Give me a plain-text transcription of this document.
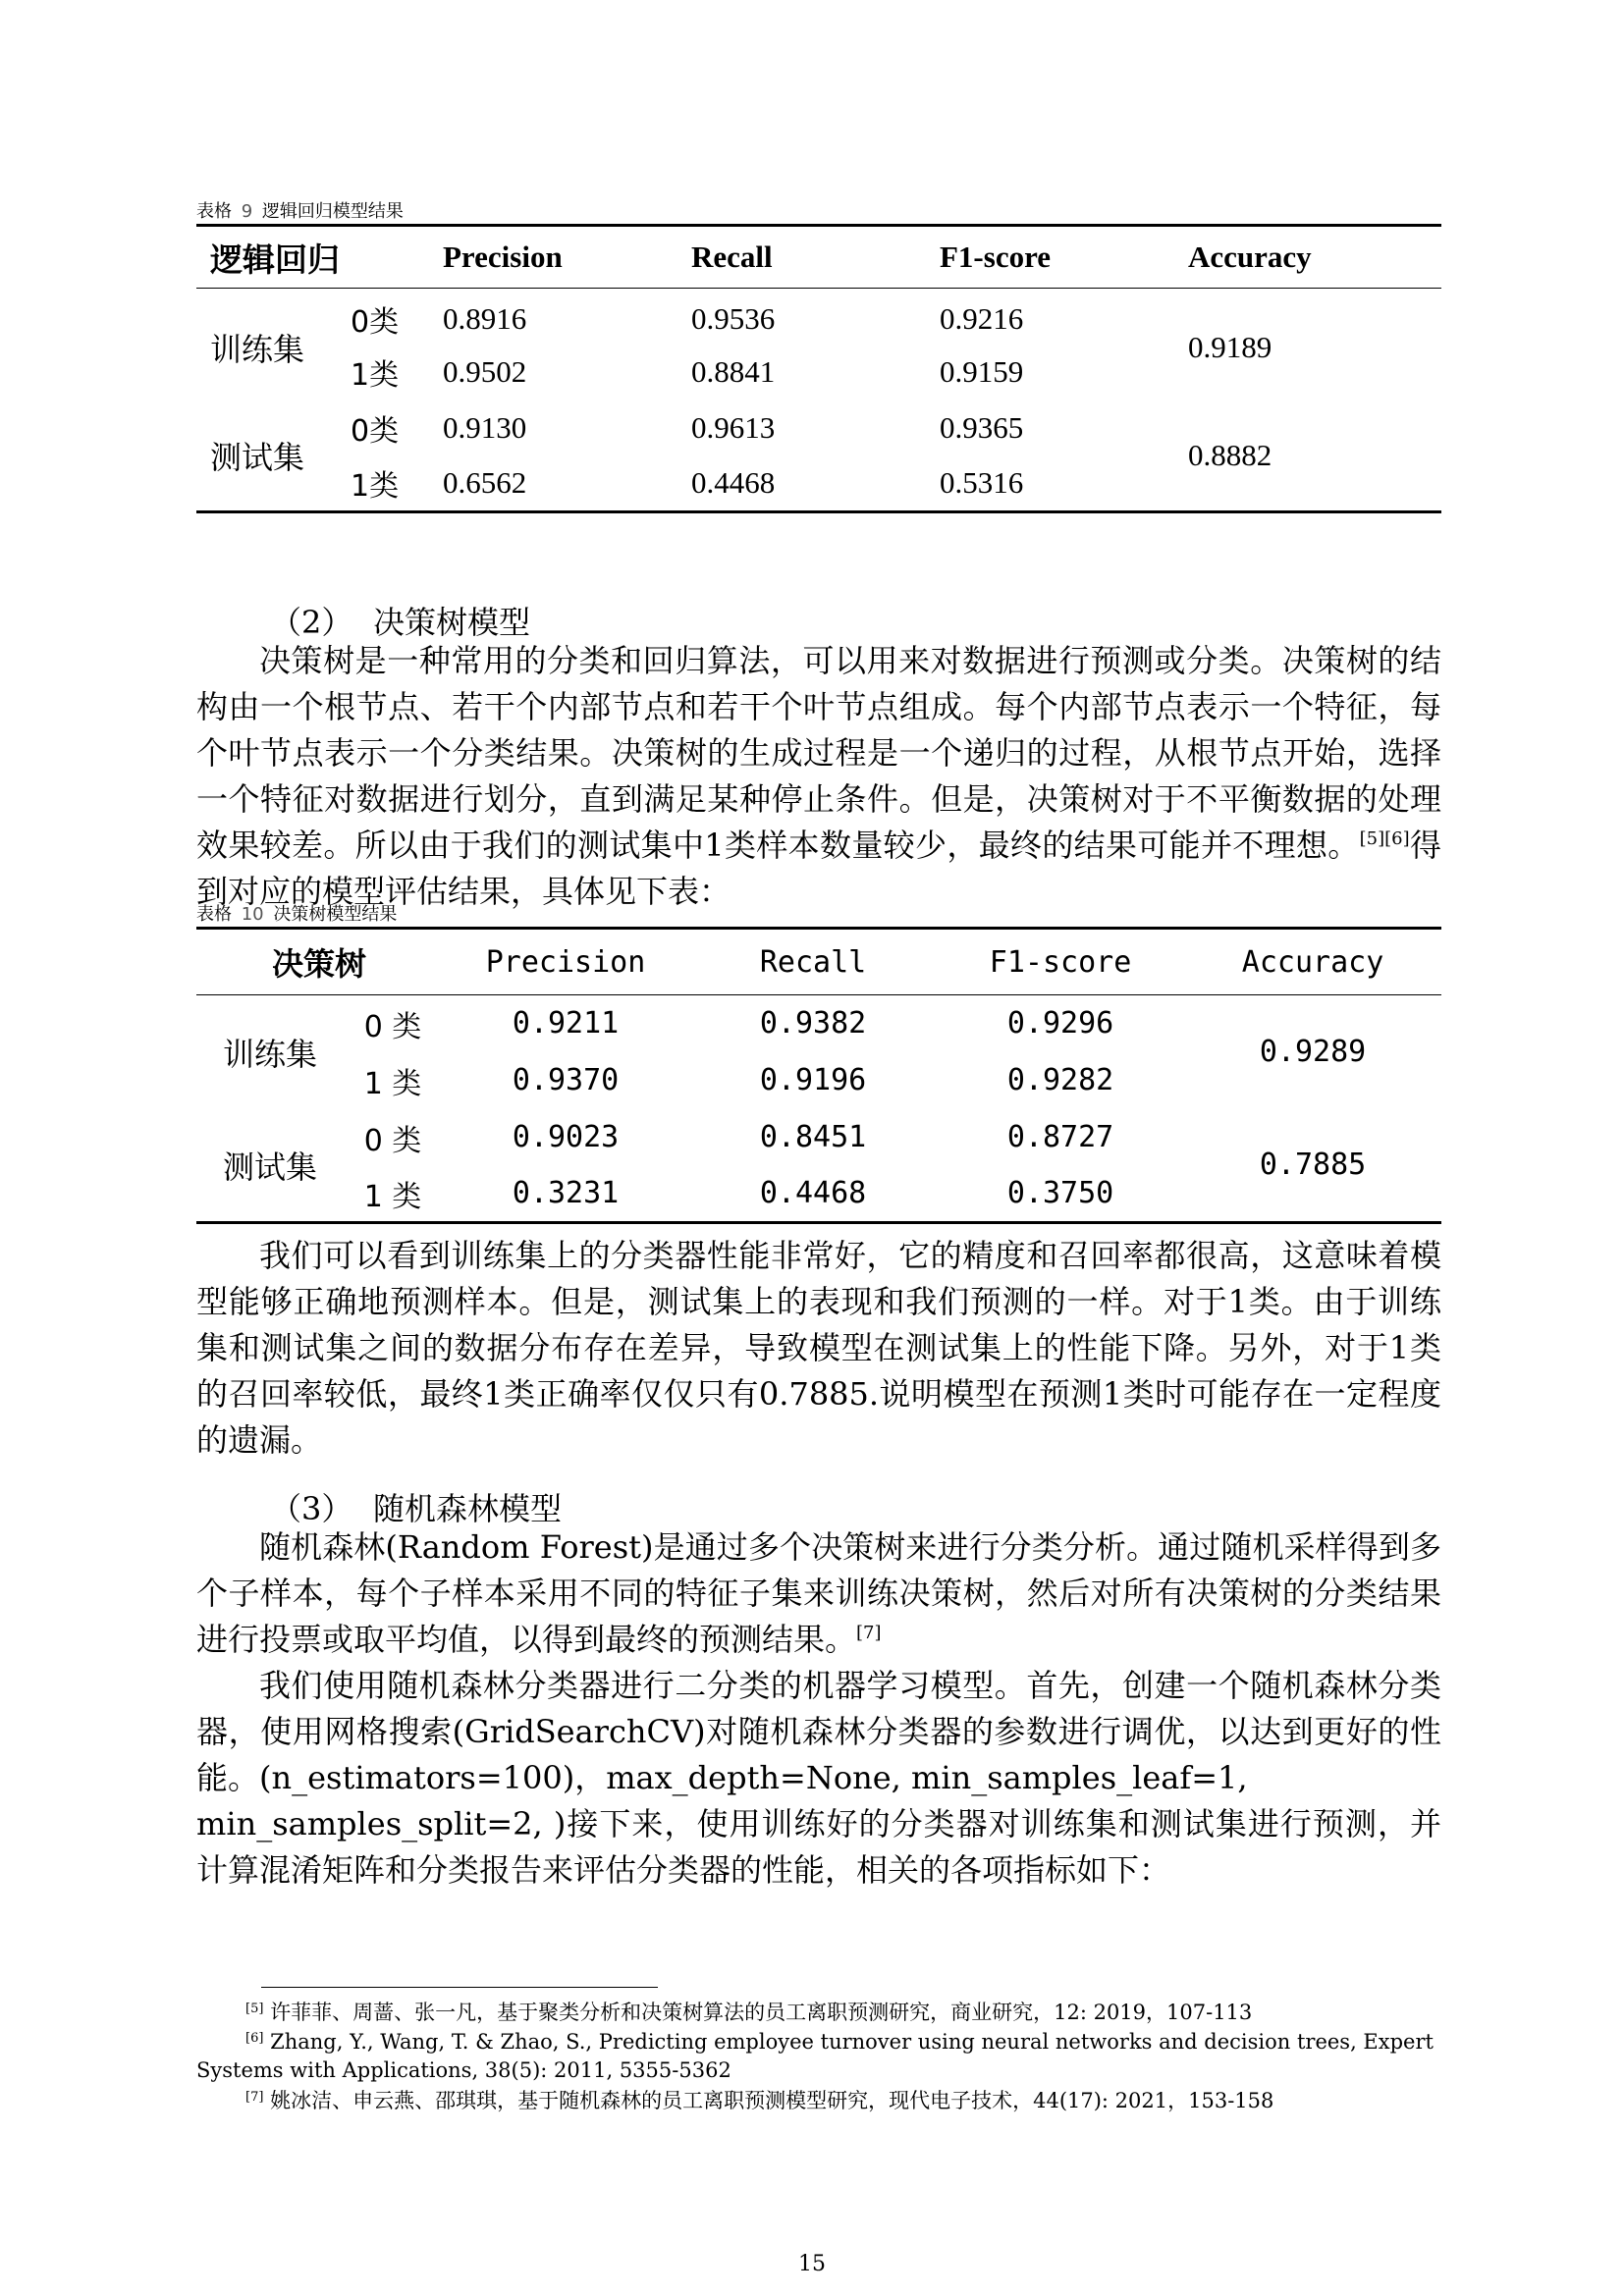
表格 9 逻辑回归模型结果
逻辑回归		Precision	Recall	F1-score	Accuracy
训练集	0类	0.8916	0.9536	0.9216	0.9189
	1类	0.9502	0.8841	0.9159	
测试集	0类	0.9130	0.9613	0.9365	0.8882
	1类	0.6562	0.4468	0.5316	
（2） 决策树模型
决策树是一种常用的分类和回归算法，可以用来对数据进行预测或分类。决策树的结构由一个根节点、若干个内部节点和若干个叶节点组成。每个内部节点表示一个特征，每个叶节点表示一个分类结果。决策树的生成过程是一个递归的过程，从根节点开始，选择一个特征对数据进行划分，直到满足某种停止条件。但是，决策树对于不平衡数据的处理效果较差。所以由于我们的测试集中1类样本数量较少，最终的结果可能并不理想。[5][6]得到对应的模型评估结果，具体见下表：
表格 10 决策树模型结果
决策树		Precision	Recall	F1-score	Accuracy
训练集	0 类	0.9211	0.9382	0.9296	0.9289
	1 类	0.9370	0.9196	0.9282	
测试集	0 类	0.9023	0.8451	0.8727	0.7885
	1 类	0.3231	0.4468	0.3750	
我们可以看到训练集上的分类器性能非常好，它的精度和召回率都很高，这意味着模型能够正确地预测样本。但是，测试集上的表现和我们预测的一样。对于1类。由于训练集和测试集之间的数据分布存在差异，导致模型在测试集上的性能下降。另外，对于1类的召回率较低，最终1类正确率仅仅只有0.7885.说明模型在预测1类时可能存在一定程度的遗漏。
（3） 随机森林模型
随机森林(Random Forest)是通过多个决策树来进行分类分析。通过随机采样得到多个子样本，每个子样本采用不同的特征子集来训练决策树，然后对所有决策树的分类结果进行投票或取平均值，以得到最终的预测结果。[7]
我们使用随机森林分类器进行二分类的机器学习模型。首先，创建一个随机森林分类器，使用网格搜索(GridSearchCV)对随机森林分类器的参数进行调优，以达到更好的性能。(n_estimators=100)，max_depth=None, min_samples_leaf=1,
min_samples_split=2, )接下来，使用训练好的分类器对训练集和测试集进行预测，并计算混淆矩阵和分类报告来评估分类器的性能，相关的各项指标如下：
[5] 许菲菲、周蔷、张一凡，基于聚类分析和决策树算法的员工离职预测研究，商业研究，12: 2019，107-113
[6] Zhang, Y., Wang, T. & Zhao, S., Predicting employee turnover using neural networks and decision trees, Expert Systems with Applications, 38(5): 2011, 5355-5362
[7] 姚冰洁、申云燕、邵琪琪，基于随机森林的员工离职预测模型研究，现代电子技术，44(17): 2021，153-158
15
